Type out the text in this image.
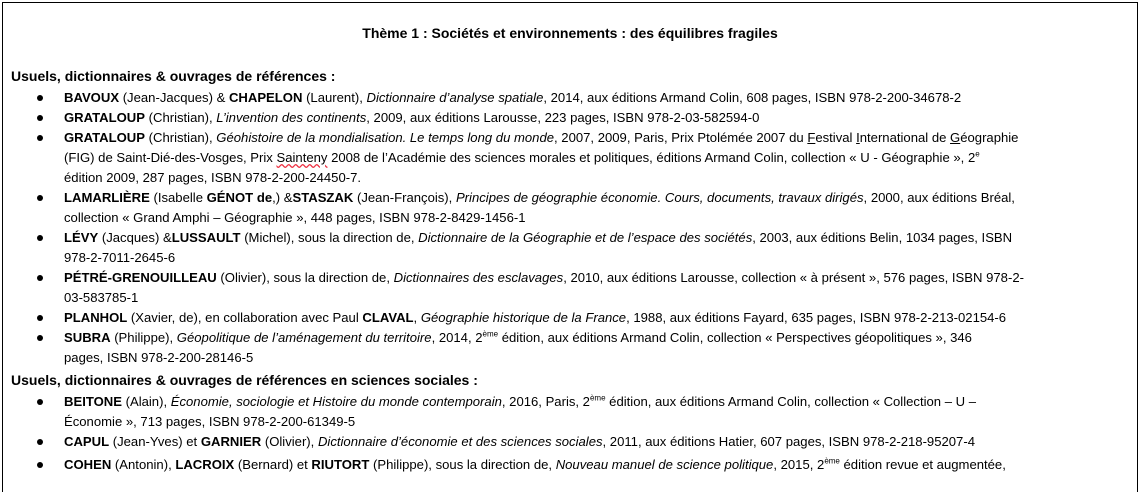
Thème 1 : Sociétés et environnements : des équilibres fragiles
Usuels, dictionnaires & ouvrages de références :
BAVOUX (Jean-Jacques) & CHAPELON (Laurent), Dictionnaire d’analyse spatiale, 2014, aux éditions Armand Colin, 608 pages, ISBN 978-2-200-34678-2
GRATALOUP (Christian), L’invention des continents, 2009, aux éditions Larousse, 223 pages, ISBN 978-2-03-582594-0
GRATALOUP (Christian), Géohistoire de la mondialisation. Le temps long du monde, 2007, 2009, Paris, Prix Ptolémée 2007 du Festival International de Géographie
(FIG) de Saint-Dié-des-Vosges, Prix Sainteny 2008 de l’Académie des sciences morales et politiques, éditions Armand Colin, collection « U - Géographie », 2e
édition 2009, 287 pages, ISBN 978-2-200-24450-7.
LAMARLIÈRE (Isabelle GÉNOT de,) &STASZAK (Jean-François), Principes de géographie économie. Cours, documents, travaux dirigés, 2000, aux éditions Bréal,
collection « Grand Amphi – Géographie », 448 pages, ISBN 978-2-8429-1456-1
LÉVY (Jacques) &LUSSAULT (Michel), sous la direction de, Dictionnaire de la Géographie et de l’espace des sociétés, 2003, aux éditions Belin, 1034 pages, ISBN
978-2-7011-2645-6
PÉTRÉ-GRENOUILLEAU (Olivier), sous la direction de, Dictionnaires des esclavages, 2010, aux éditions Larousse, collection « à présent », 576 pages, ISBN 978-2-
03-583785-1
PLANHOL (Xavier, de), en collaboration avec Paul CLAVAL, Géographie historique de la France, 1988, aux éditions Fayard, 635 pages, ISBN 978-2-213-02154-6
SUBRA (Philippe), Géopolitique de l’aménagement du territoire, 2014, 2ème édition, aux éditions Armand Colin, collection « Perspectives géopolitiques », 346
pages, ISBN 978-2-200-28146-5
Usuels, dictionnaires & ouvrages de références en sciences sociales :
BEITONE (Alain), Économie, sociologie et Histoire du monde contemporain, 2016, Paris, 2ème édition, aux éditions Armand Colin, collection « Collection – U –
Économie », 713 pages, ISBN 978-2-200-61349-5
CAPUL (Jean-Yves) et GARNIER (Olivier), Dictionnaire d’économie et des sciences sociales, 2011, aux éditions Hatier, 607 pages, ISBN 978-2-218-95207-4
COHEN (Antonin), LACROIX (Bernard) et RIUTORT (Philippe), sous la direction de, Nouveau manuel de science politique, 2015, 2ème édition revue et augmentée,
